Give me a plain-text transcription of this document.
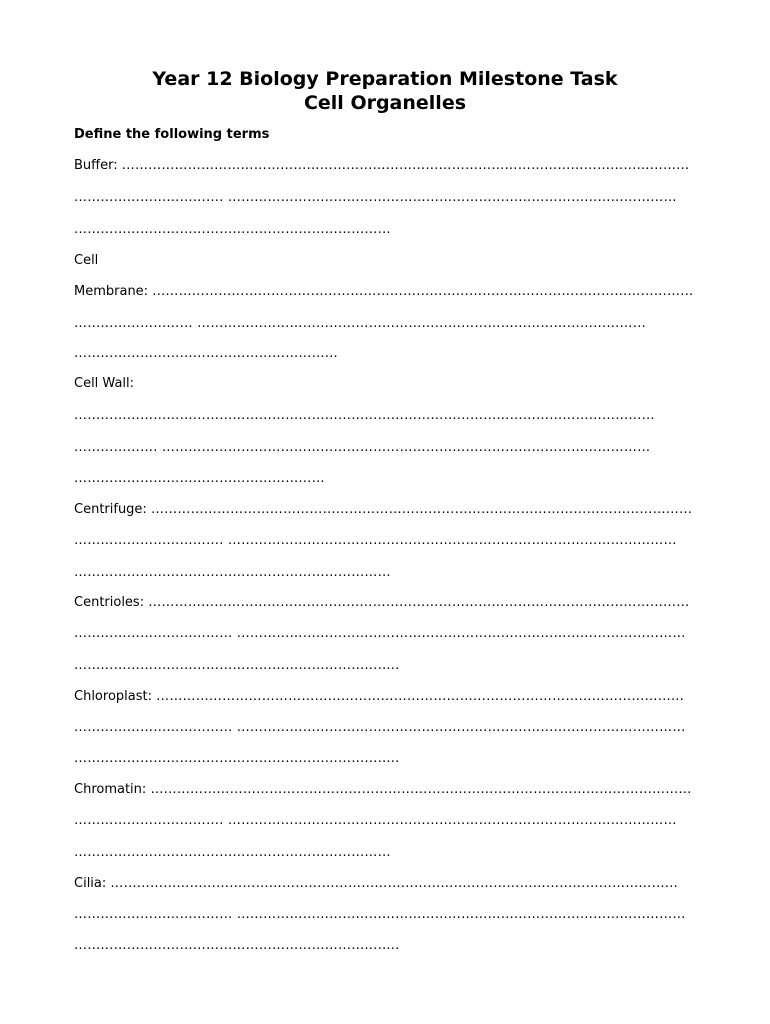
Year 12 Biology Preparation Milestone Task
Cell Organelles
Define the following terms
Buffer: …………………………………………………………………………………………………………………
……………………………. …………………………………………………………………………………………
………………………………………………………………
Cell
Membrane: ……………………………………………………………………………………………………………
……………………… …………………………………………………………………………………………
……………………………………………………
Cell Wall:
……………………………………………………………………………………………………………………
………………. …………………………………………………………………………………………………
…………………………………………………
Centrifuge: ……………………………………………………………………………………………………………
……………………………. …………………………………………………………………………………………
………………………………………………………………
Centrioles: ……………………………………………………………………………………………………………
……………………………… …………………………………………………………………………………………
………………………………………………………………..
Chloroplast: …………………………………………………………………………………………………………
……………………………… …………………………………………………………………………………………
………………………………………………………………..
Chromatin: ……………………………………………………………………………………………………………
……………………………. …………………………………………………………………………………………
………………………………………………………………
Cilia: …………………………………………………………………………………………………………………
……………………………… …………………………………………………………………………………………
………………………………………………………………..
